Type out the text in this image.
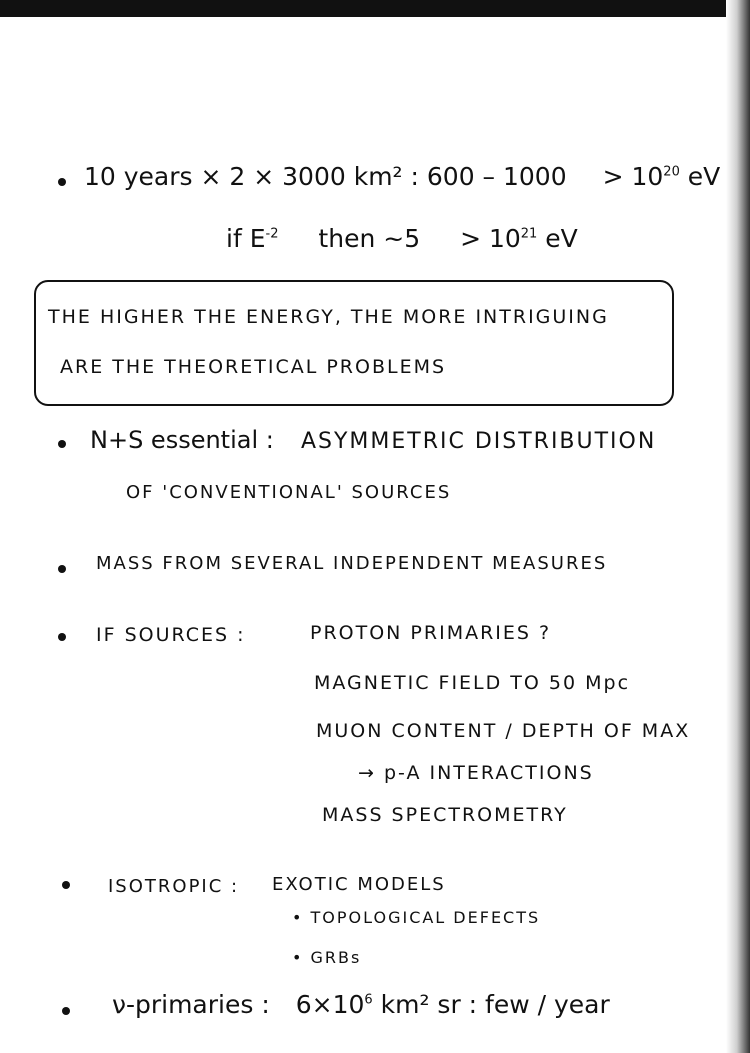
10 years × 2 × 3000 km² : $600 - 1000 > 10^{20}$ eV
if $E^{-2}$ then ~5 > $10^{21}$ eV
THE HIGHER THE ENERGY, THE MORE INTRIGUING
ARE THE THEORETICAL PROBLEMS
N+S essential : ASYMMETRIC DISTRIBUTION
OF 'CONVENTIONAL' SOURCES
MASS FROM SEVERAL INDEPENDENT MEASURES
IF SOURCES :	PROTON PRIMARIES ?
MAGNETIC FIELD TO 50 Mpc
MUON CONTENT / DEPTH OF MAX
→ p-A INTERACTIONS
MASS SPECTROMETRY
ISOTROPIC : EXOTIC MODELS
• TOPOLOGICAL DEFECTS
• GRBs
ν-primaries : $6\times 10^6$ km² sr : few / year
